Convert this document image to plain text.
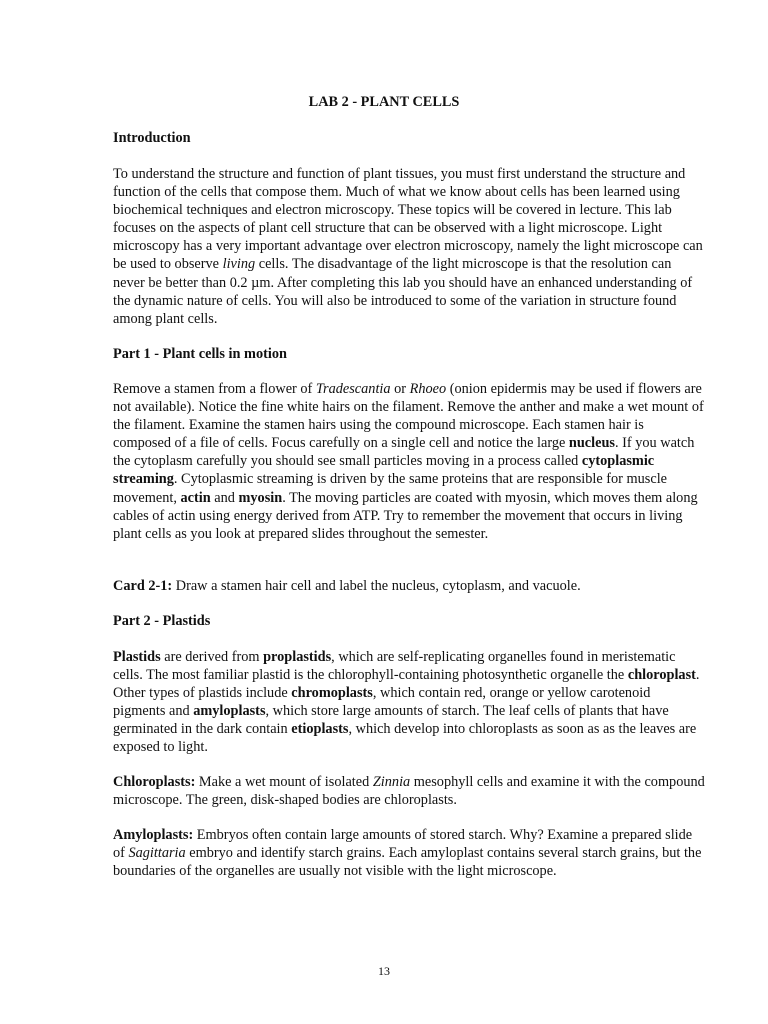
LAB 2 - PLANT CELLS
Introduction

To understand the structure and function of plant tissues, you must first understand the structure and function of the cells that compose them. Much of what we know about cells has been learned using biochemical techniques and electron microscopy. These topics will be covered in lecture. This lab focuses on the aspects of plant cell structure that can be observed with a light microscope. Light microscopy has a very important advantage over electron microscopy, namely the light microscope can be used to observe living cells. The disadvantage of the light microscope is that the resolution can never be better than 0.2 µm. After completing this lab you should have an enhanced understanding of the dynamic nature of cells. You will also be introduced to some of the variation in structure found among plant cells.

Part 1 - Plant cells in motion

Remove a stamen from a flower of Tradescantia or Rhoeo (onion epidermis may be used if flowers are not available). Notice the fine white hairs on the filament. Remove the anther and make a wet mount of the filament. Examine the stamen hairs using the compound microscope. Each stamen hair is composed of a file of cells. Focus carefully on a single cell and notice the large nucleus. If you watch the cytoplasm carefully you should see small particles moving in a process called cytoplasmic streaming. Cytoplasmic streaming is driven by the same proteins that are responsible for muscle movement, actin and myosin. The moving particles are coated with myosin, which moves them along cables of actin using energy derived from ATP. Try to remember the movement that occurs in living plant cells as you look at prepared slides throughout the semester.

Card 2-1: Draw a stamen hair cell and label the nucleus, cytoplasm, and vacuole.

Part 2 - Plastids

Plastids are derived from proplastids, which are self-replicating organelles found in meristematic cells. The most familiar plastid is the chlorophyll-containing photosynthetic organelle the chloroplast. Other types of plastids include chromoplasts, which contain red, orange or yellow carotenoid pigments and amyloplasts, which store large amounts of starch. The leaf cells of plants that have germinated in the dark contain etioplasts, which develop into chloroplasts as soon as as the leaves are exposed to light.

Chloroplasts: Make a wet mount of isolated Zinnia mesophyll cells and examine it with the compound microscope. The green, disk-shaped bodies are chloroplasts.

Amyloplasts: Embryos often contain large amounts of stored starch. Why? Examine a prepared slide of Sagittaria embryo and identify starch grains. Each amyloplast contains several starch grains, but the boundaries of the organelles are usually not visible with the light microscope.

13
